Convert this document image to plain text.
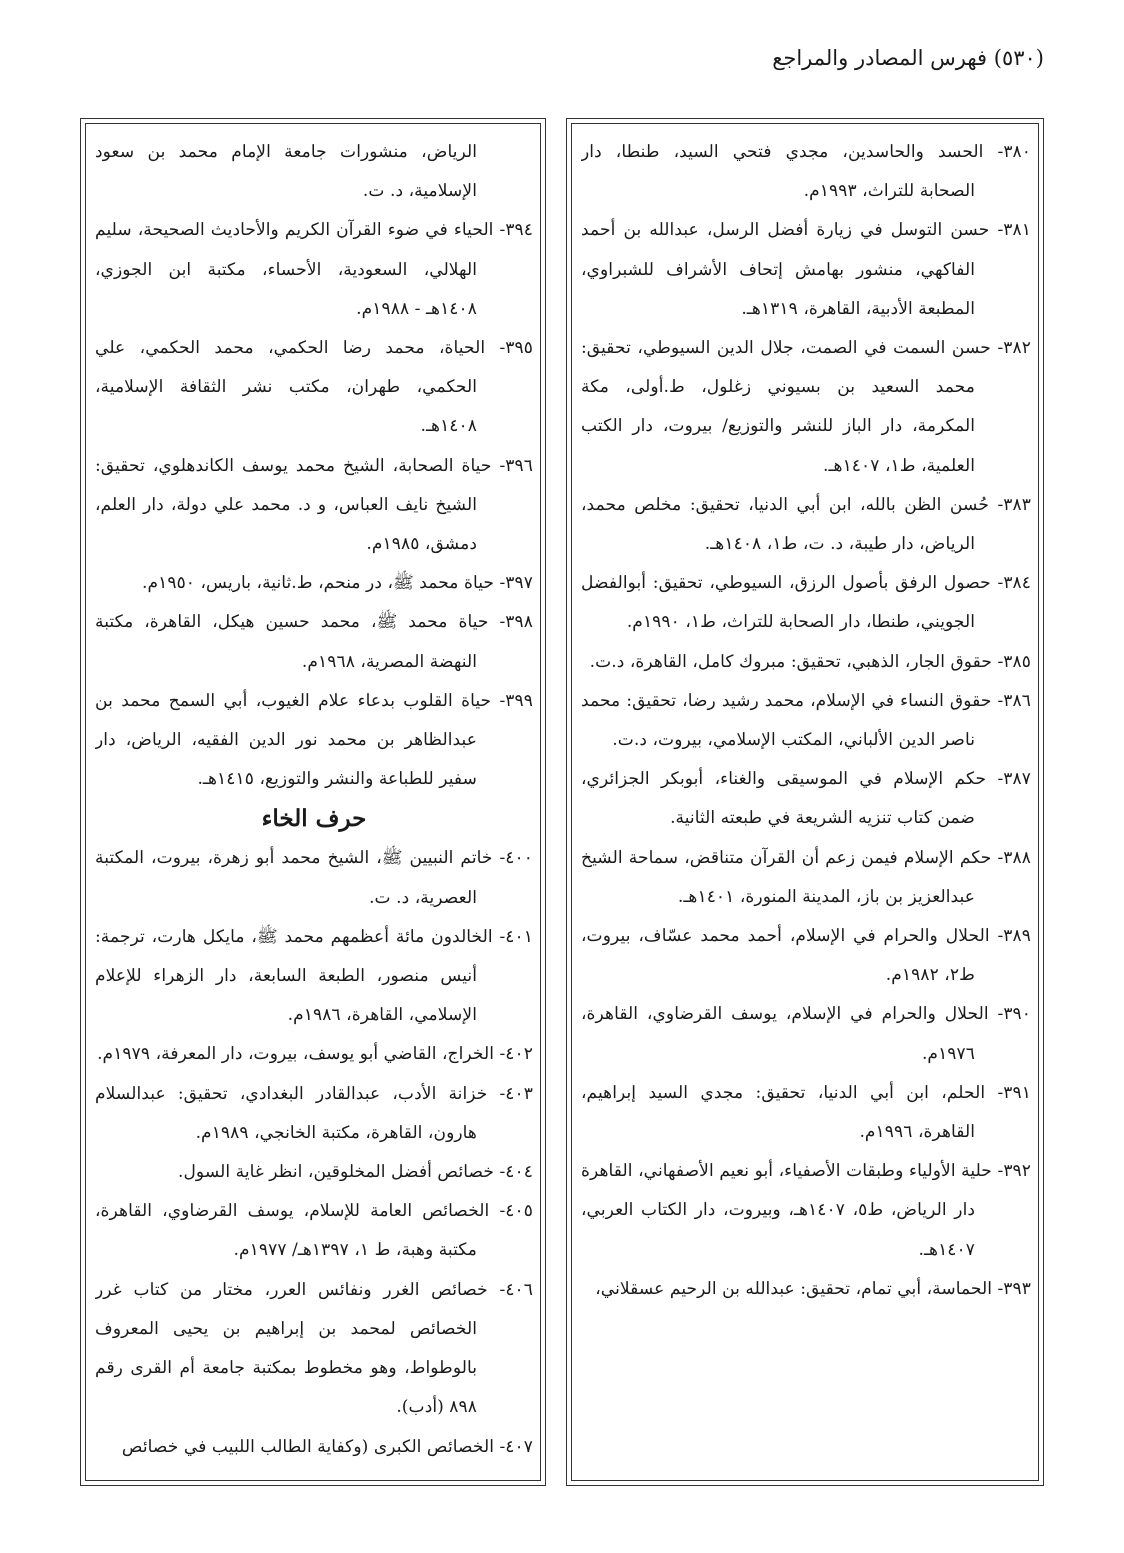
(٥٣٠) فهرس المصادر والمراجع

٣٨٠- الحسد والحاسدين، مجدي فتحي السيد، طنطا، دار الصحابة للتراث، ١٩٩٣م.

٣٨١- حسن التوسل في زيارة أفضل الرسل، عبدالله بن أحمد الفاكهي، منشور بهامش إتحاف الأشراف للشبراوي، المطبعة الأدبية، القاهرة، ١٣١٩هـ.

٣٨٢- حسن السمت في الصمت، جلال الدين السيوطي، تحقيق: محمد السعيد بن بسيوني زغلول، ط.أولى، مكة المكرمة، دار الباز للنشر والتوزيع/ بيروت، دار الكتب العلمية، ط١، ١٤٠٧هـ.

٣٨٣- حُسن الظن بالله، ابن أبي الدنيا، تحقيق: مخلص محمد، الرياض، دار طيبة، د. ت، ط١، ١٤٠٨هـ.

٣٨٤- حصول الرفق بأصول الرزق، السيوطي، تحقيق: أبوالفضل الجويني، طنطا، دار الصحابة للتراث، ط١، ١٩٩٠م.

٣٨٥- حقوق الجار، الذهبي، تحقيق: مبروك كامل، القاهرة، د.ت.

٣٨٦- حقوق النساء في الإسلام، محمد رشيد رضا، تحقيق: محمد ناصر الدين الألباني، المكتب الإسلامي، بيروت، د.ت.

٣٨٧- حكم الإسلام في الموسيقى والغناء، أبوبكر الجزائري، ضمن كتاب تنزيه الشريعة في طبعته الثانية.

٣٨٨- حكم الإسلام فيمن زعم أن القرآن متناقض، سماحة الشيخ عبدالعزيز بن باز، المدينة المنورة، ١٤٠١هـ.

٣٨٩- الحلال والحرام في الإسلام، أحمد محمد عسّاف، بيروت، ط٢، ١٩٨٢م.

٣٩٠- الحلال والحرام في الإسلام، يوسف القرضاوي، القاهرة، ١٩٧٦م.

٣٩١- الحلم، ابن أبي الدنيا، تحقيق: مجدي السيد إبراهيم، القاهرة، ١٩٩٦م.

٣٩٢- حلية الأولياء وطبقات الأصفياء، أبو نعيم الأصفهاني، القاهرة دار الرياض، ط٥، ١٤٠٧هـ، وبيروت، دار الكتاب العربي، ١٤٠٧هـ.

٣٩٣- الحماسة، أبي تمام، تحقيق: عبدالله بن الرحيم عسقلاني،

الرياض، منشورات جامعة الإمام محمد بن سعود الإسلامية، د. ت.

٣٩٤- الحياء في ضوء القرآن الكريم والأحاديث الصحيحة، سليم الهلالي، السعودية، الأحساء، مكتبة ابن الجوزي، ١٤٠٨هـ - ١٩٨٨م.

٣٩٥- الحياة، محمد رضا الحكمي، محمد الحكمي، علي الحكمي، طهران، مكتب نشر الثقافة الإسلامية، ١٤٠٨هـ.

٣٩٦- حياة الصحابة، الشيخ محمد يوسف الكاندهلوي، تحقيق: الشيخ نايف العباس، و د. محمد علي دولة، دار العلم، دمشق، ١٩٨٥م.

٣٩٧- حياة محمد ﷺ، در منحم، ط.ثانية، باريس، ١٩٥٠م.

٣٩٨- حياة محمد ﷺ، محمد حسين هيكل، القاهرة، مكتبة النهضة المصرية، ١٩٦٨م.

٣٩٩- حياة القلوب بدعاء علام الغيوب، أبي السمح محمد بن عبدالظاهر بن محمد نور الدين الفقيه، الرياض، دار سفير للطباعة والنشر والتوزيع، ١٤١٥هـ.

حرف الخاء

٤٠٠- خاتم النبيين ﷺ، الشيخ محمد أبو زهرة، بيروت، المكتبة العصرية، د. ت.

٤٠١- الخالدون مائة أعظمهم محمد ﷺ، مايكل هارت، ترجمة: أنيس منصور، الطبعة السابعة، دار الزهراء للإعلام الإسلامي، القاهرة، ١٩٨٦م.

٤٠٢- الخراج، القاضي أبو يوسف، بيروت، دار المعرفة، ١٩٧٩م.

٤٠٣- خزانة الأدب، عبدالقادر البغدادي، تحقيق: عبدالسلام هارون، القاهرة، مكتبة الخانجي، ١٩٨٩م.

٤٠٤- خصائص أفضل المخلوقين، انظر غاية السول.

٤٠٥- الخصائص العامة للإسلام، يوسف القرضاوي، القاهرة، مكتبة وهبة، ط ١، ١٣٩٧هـ/ ١٩٧٧م.

٤٠٦- خصائص الغرر ونفائس العرر، مختار من كتاب غرر الخصائص لمحمد بن إبراهيم بن يحيى المعروف بالوطواط، وهو مخطوط بمكتبة جامعة أم القرى رقم ٨٩٨ (أدب).

٤٠٧- الخصائص الكبرى (وكفاية الطالب اللبيب في خصائص
